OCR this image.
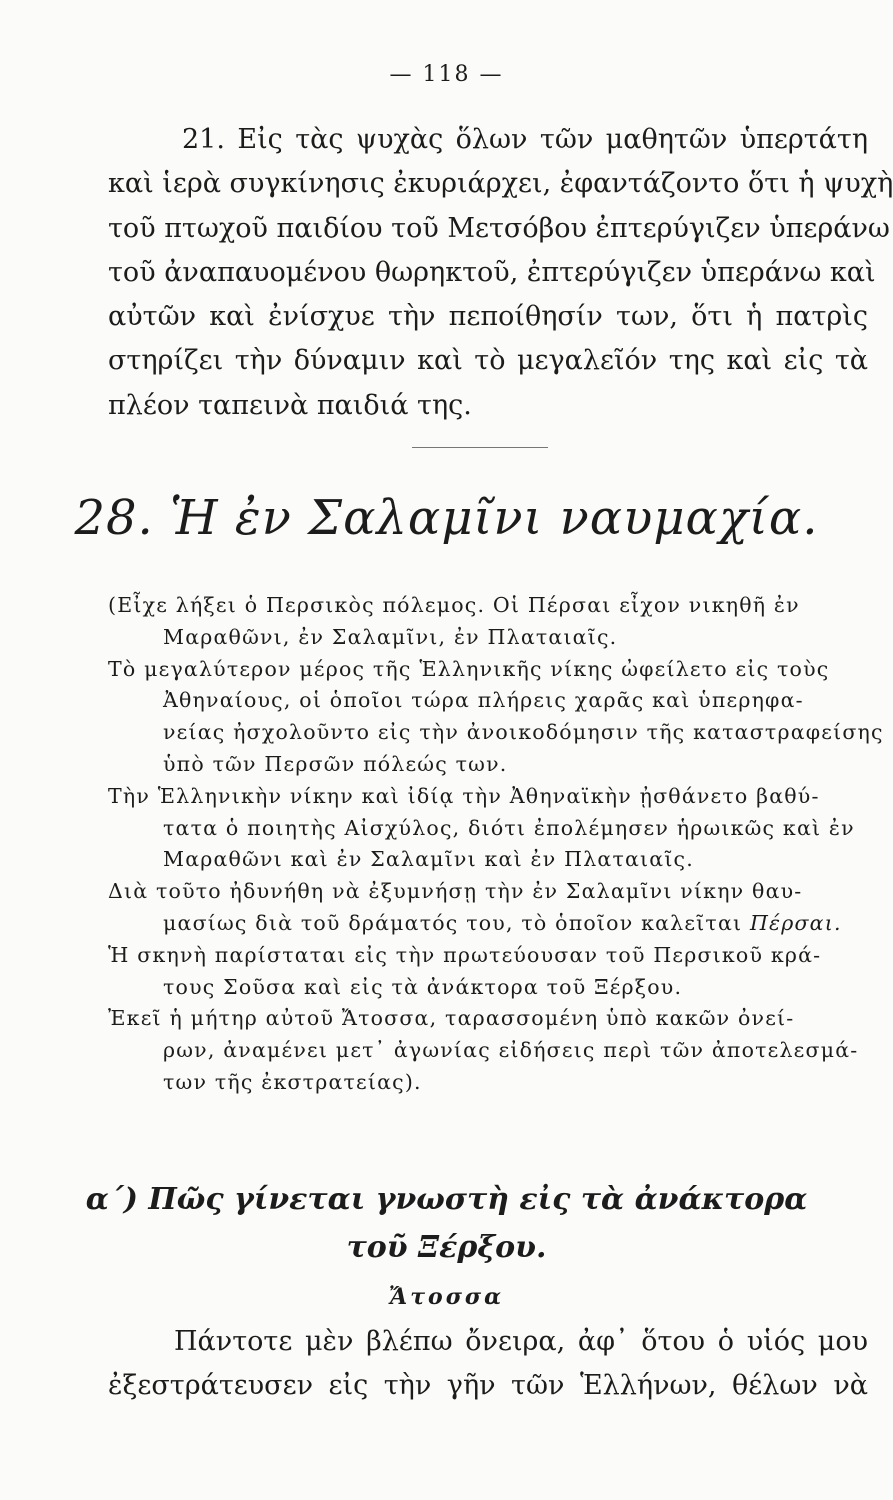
— 118 —
21. Εἰς τὰς ψυχὰς ὅλων τῶν μαθητῶν ὑπερτάτη
καὶ ἱερὰ συγκίνησις ἐκυριάρχει, ἐφαντάζοντο ὅτι ἡ ψυχὴ
τοῦ πτωχοῦ παιδίου τοῦ Μετσόβου ἐπτερύγιζεν ὑπεράνω
τοῦ ἀναπαυομένου θωρηκτοῦ, ἐπτερύγιζεν ὑπεράνω καὶ
αὐτῶν καὶ ἐνίσχυε τὴν πεποίθησίν των, ὅτι ἡ πατρὶς
στηρίζει τὴν δύναμιν καὶ τὸ μεγαλεῖόν της καὶ εἰς τὰ
πλέον ταπεινὰ παιδιά της.
28. Ἡ ἐν Σαλαμῖνι ναυμαχία.
(Εἶχε λήξει ὁ Περσικὸς πόλεμος. Οἱ Πέρσαι εἶχον νικηθῆ ἐν
Μαραθῶνι, ἐν Σαλαμῖνι, ἐν Πλαταιαῖς.
Τὸ μεγαλύτερον μέρος τῆς Ἑλληνικῆς νίκης ὠφείλετο εἰς τοὺς
Ἀθηναίους, οἱ ὁποῖοι τώρα πλήρεις χαρᾶς καὶ ὑπερηφα-
νείας ἠσχολοῦντο εἰς τὴν ἀνοικοδόμησιν τῆς καταστραφείσης
ὑπὸ τῶν Περσῶν πόλεώς των.
Τὴν Ἑλληνικὴν νίκην καὶ ἰδίᾳ τὴν Ἀθηναϊκὴν ᾐσθάνετο βαθύ-
τατα ὁ ποιητὴς Αἰσχύλος, διότι ἐπολέμησεν ἡρωικῶς καὶ ἐν
Μαραθῶνι καὶ ἐν Σαλαμῖνι καὶ ἐν Πλαταιαῖς.
Διὰ τοῦτο ἠδυνήθη νὰ ἐξυμνήσῃ τὴν ἐν Σαλαμῖνι νίκην θαυ-
μασίως διὰ τοῦ δράματός του, τὸ ὁποῖον καλεῖται Πέρσαι.
Ἡ σκηνὴ παρίσταται εἰς τὴν πρωτεύουσαν τοῦ Περσικοῦ κρά-
τους Σοῦσα καὶ εἰς τὰ ἀνάκτορα τοῦ Ξέρξου.
Ἐκεῖ ἡ μήτηρ αὐτοῦ Ἄτοσσα, ταρασσομένη ὑπὸ κακῶν ὀνεί-
ρων, ἀναμένει μετ᾽ ἀγωνίας εἰδήσεις περὶ τῶν ἀποτελεσμά-
των τῆς ἐκστρατείας).
α΄) Πῶς γίνεται γνωστὴ εἰς τὰ ἀνάκτορα
τοῦ Ξέρξου.
Ἄτοσσα
Πάντοτε μὲν βλέπω ὄνειρα, ἀφ᾽ ὅτου ὁ υἱός μου
ἐξεστράτευσεν εἰς τὴν γῆν τῶν Ἑλλήνων, θέλων νὰ
